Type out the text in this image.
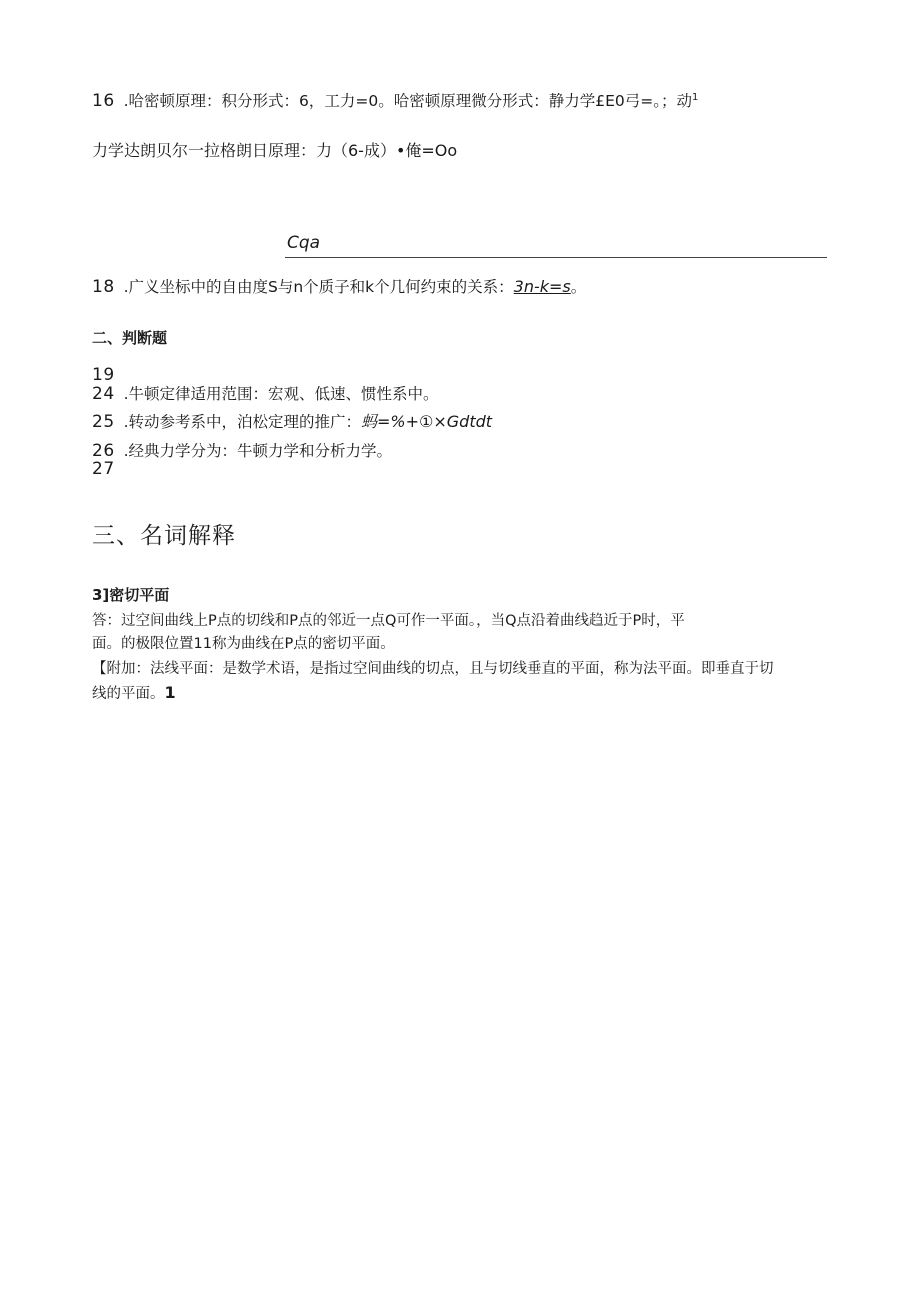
16 .哈密顿原理：积分形式：6，工力=0。哈密顿原理微分形式：静力学£E0弓=。；动$^1$
力学达朗贝尔一拉格朗日原理：力（6-成）•俺=Oo
Cqa
18 .广义坐标中的自由度S与n个质子和k个几何约束的关系：3n-k=s。
二、判断题
19
24 .牛顿定律适用范围：宏观、低速、惯性系中。
25 .转动参考系中，泊松定理的推广：蚂=%+①×Gdtdt
26 .经典力学分为：牛顿力学和分析力学。
27
三、名词解释
3]密切平面
答：过空间曲线上P点的切线和P点的邻近一点Q可作一平面。，当Q点沿着曲线趋近于P时，平
面。的极限位置11称为曲线在P点的密切平面。
【附加：法线平面：是数学术语，是指过空间曲线的切点，且与切线垂直的平面，称为法平面。即垂直于切
线的平面。1
